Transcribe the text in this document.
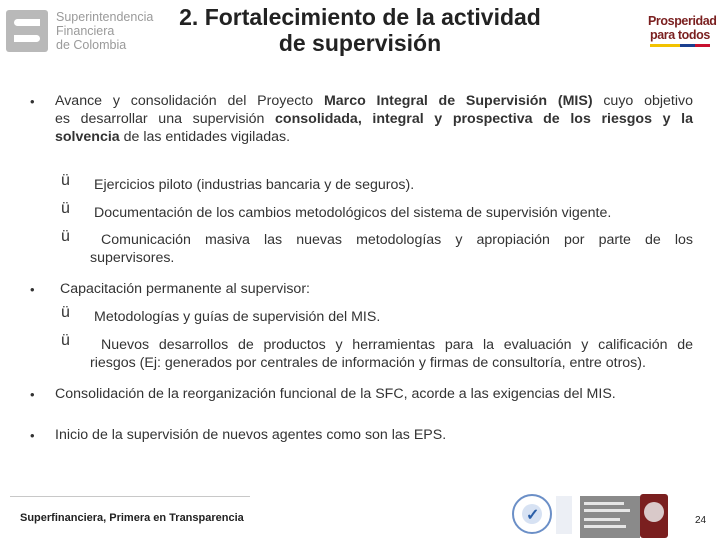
Superintendencia
Financiera
de Colombia
2. Fortalecimiento de la actividad
de supervisión
Prosperidad
para todos
• Avance y consolidación del Proyecto Marco Integral de Supervisión (MIS) cuyo objetivo
es desarrollar una supervisión consolidada, integral y prospectiva de los riesgos y la
solvencia de las entidades vigiladas.
ü Ejercicios piloto (industrias bancaria y de seguros).
ü Documentación de los cambios metodológicos del sistema de supervisión vigente.
ü Comunicación masiva las nuevas metodologías y apropiación por parte de los
supervisores.
• Capacitación permanente al supervisor:
ü Metodologías y guías de supervisión del MIS.
ü Nuevos desarrollos de productos y herramientas para la evaluación y calificación de
riesgos (Ej: generados por centrales de información y firmas de consultoría, entre otros).
• Consolidación de la reorganización funcional de la SFC, acorde a las exigencias del MIS.
• Inicio de la supervisión de nuevos agentes como son las EPS.
Superfinanciera, Primera en Transparencia	✓	24
